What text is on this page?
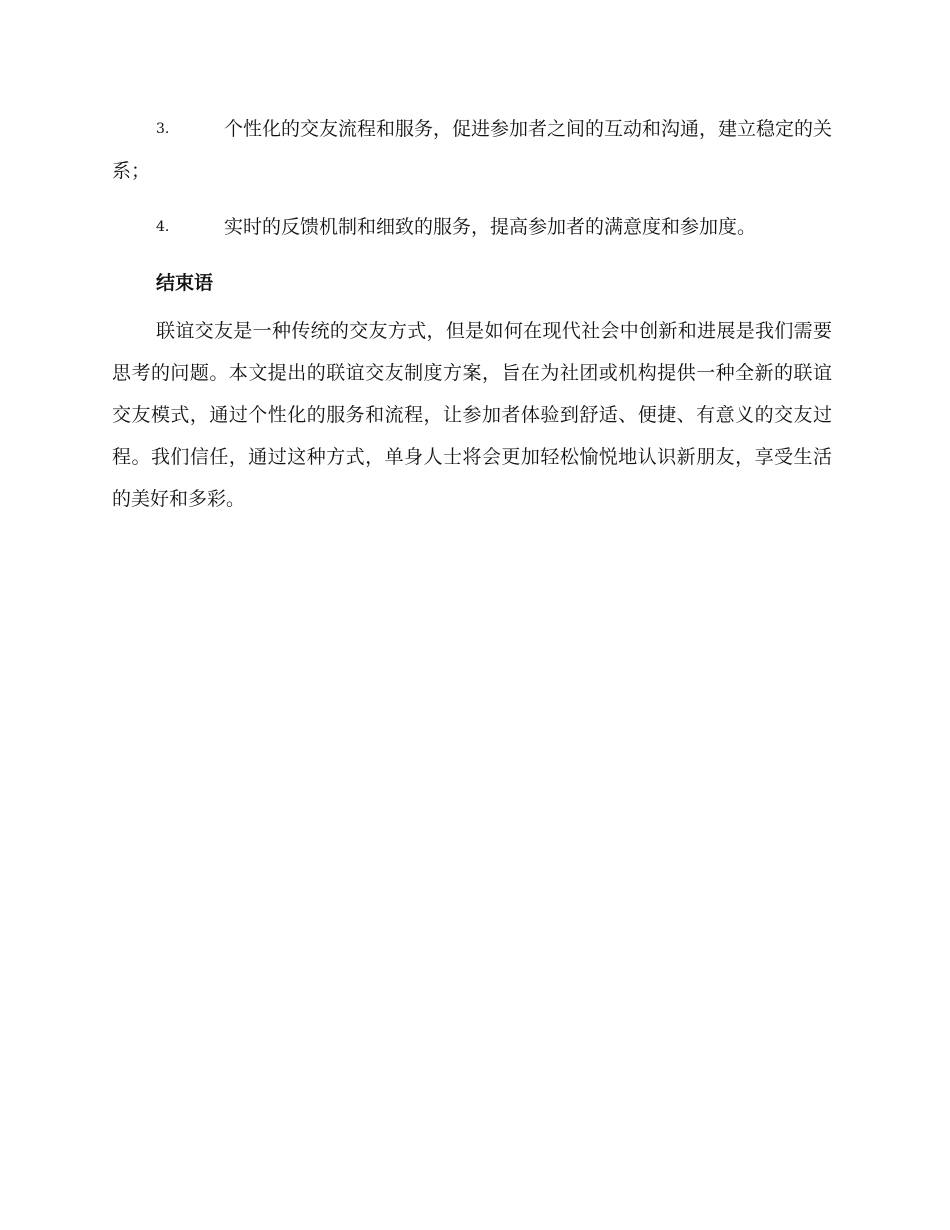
3.	个性化的交友流程和服务，促进参加者之间的互动和沟通，建立稳定的关系；
4.	实时的反馈机制和细致的服务，提高参加者的满意度和参加度。
结束语

联谊交友是一种传统的交友方式，但是如何在现代社会中创新和进展是我们需要思考的问题。本文提出的联谊交友制度方案，旨在为社团或机构提供一种全新的联谊交友模式，通过个性化的服务和流程，让参加者体验到舒适、便捷、有意义的交友过程。我们信任，通过这种方式，单身人士将会更加轻松愉悦地认识新朋友，享受生活的美好和多彩。
